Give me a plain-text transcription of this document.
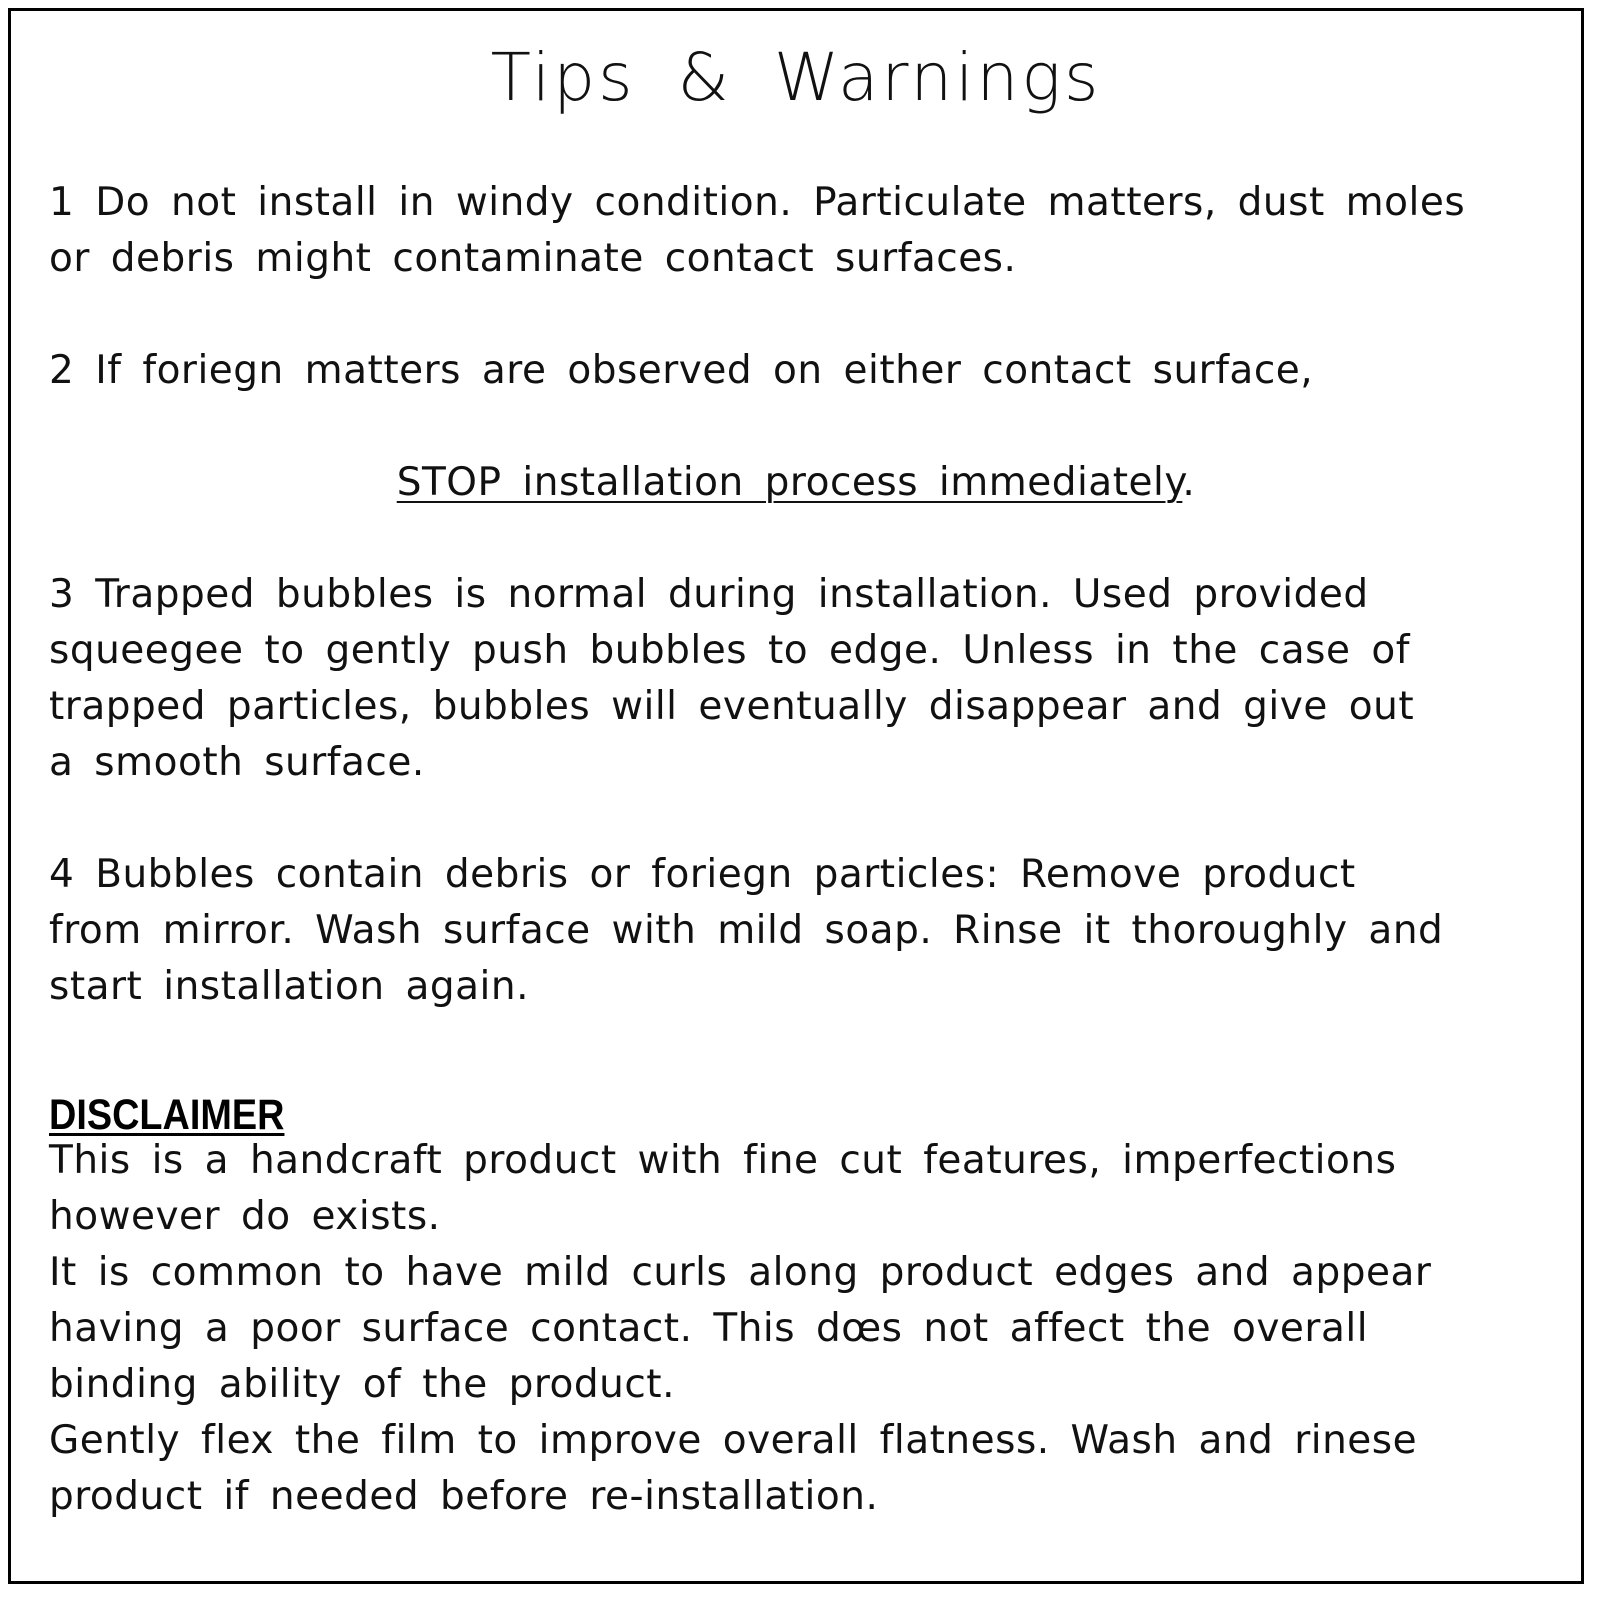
Tips & Warnings
1 Do not install in windy condition. Particulate matters, dust moles
or debris might contaminate contact surfaces.
2 If foriegn matters are observed on either contact surface,
STOP installation process immediately.
3 Trapped bubbles is normal during installation. Used provided
squeegee to gently push bubbles to edge. Unless in the case of
trapped particles, bubbles will eventually disappear and give out
a smooth surface.
4 Bubbles contain debris or foriegn particles: Remove product
from mirror. Wash surface with mild soap. Rinse it thoroughly and
start installation again.
DISCLAIMER
This is a handcraft product with fine cut features, imperfections
however do exists.
It is common to have mild curls along product edges and appear
having a poor surface contact. This dœs not affect the overall
binding ability of the product.
Gently flex the film to improve overall flatness. Wash and rinese
product if needed before re-installation.
